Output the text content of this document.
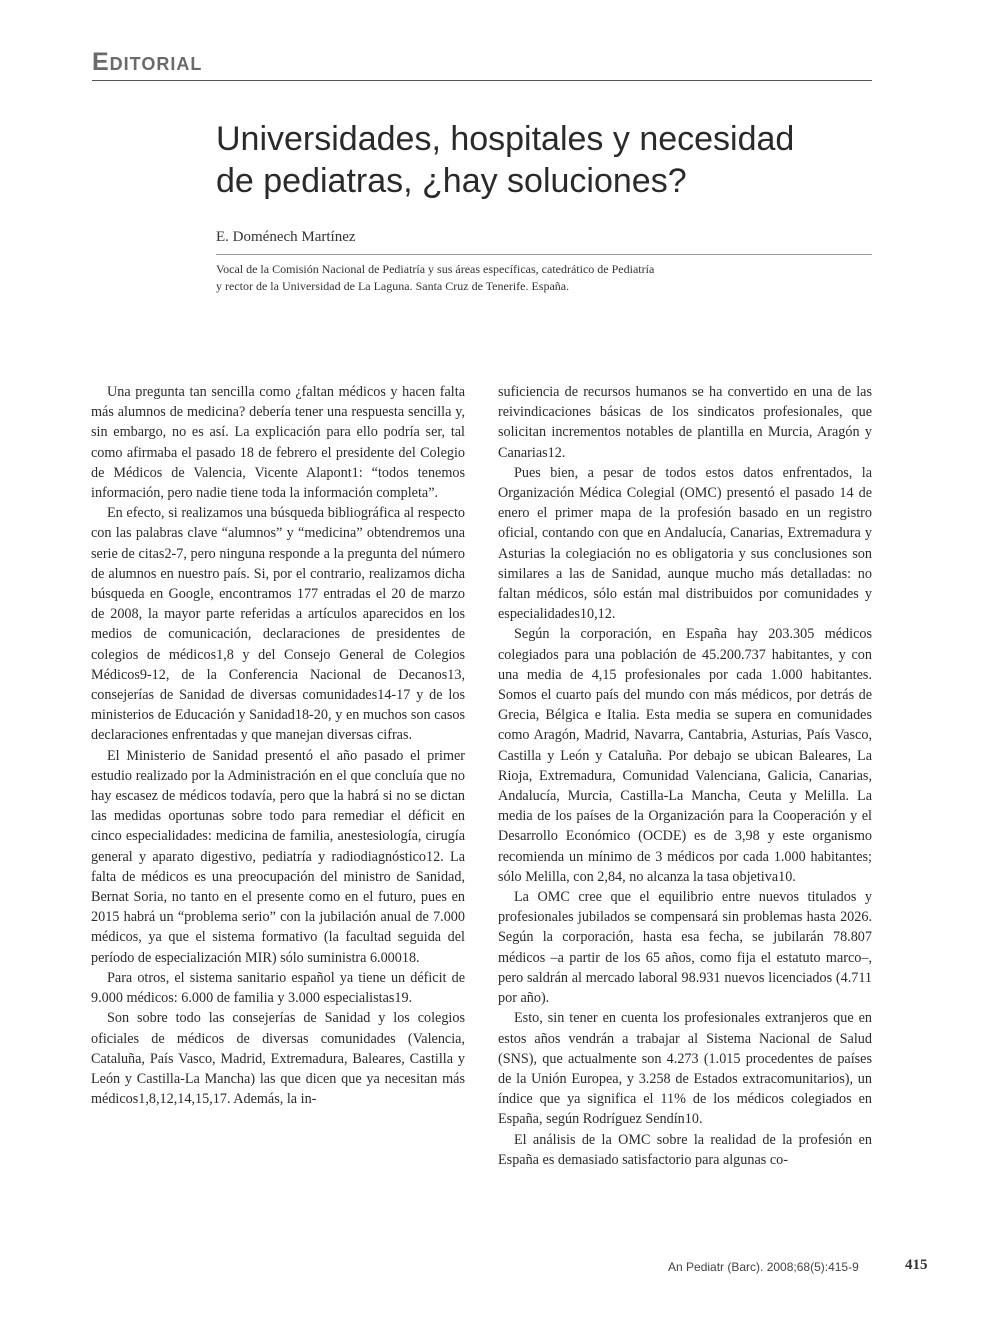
Editorial
Universidades, hospitales y necesidad
de pediatras, ¿hay soluciones?
E. Doménech Martínez
Vocal de la Comisión Nacional de Pediatría y sus áreas específicas, catedrático de Pediatría
y rector de la Universidad de La Laguna. Santa Cruz de Tenerife. España.

Una pregunta tan sencilla como ¿faltan médicos y hacen falta más alumnos de medicina? debería tener una respuesta sencilla y, sin embargo, no es así. La explicación para ello podría ser, tal como afirmaba el pasado 18 de febrero el presidente del Colegio de Médicos de Valencia, Vicente Alapont1: “todos tenemos información, pero nadie tiene toda la información completa”.

En efecto, si realizamos una búsqueda bibliográfica al respecto con las palabras clave “alumnos” y “medicina” obtendremos una serie de citas2-7, pero ninguna responde a la pregunta del número de alumnos en nuestro país. Si, por el contrario, realizamos dicha búsqueda en Google, encontramos 177 entradas el 20 de marzo de 2008, la mayor parte referidas a artículos aparecidos en los medios de comunicación, declaraciones de presidentes de colegios de médicos1,8 y del Consejo General de Colegios Médicos9-12, de la Conferencia Nacional de Decanos13, consejerías de Sanidad de diversas comunidades14-17 y de los ministerios de Educación y Sanidad18-20, y en muchos son casos declaraciones enfrentadas y que manejan diversas cifras.

El Ministerio de Sanidad presentó el año pasado el primer estudio realizado por la Administración en el que concluía que no hay escasez de médicos todavía, pero que la habrá si no se dictan las medidas oportunas sobre todo para remediar el déficit en cinco especialidades: medicina de familia, anestesiología, cirugía general y aparato digestivo, pediatría y radiodiagnóstico12. La falta de médicos es una preocupación del ministro de Sanidad, Bernat Soria, no tanto en el presente como en el futuro, pues en 2015 habrá un “problema serio” con la jubilación anual de 7.000 médicos, ya que el sistema formativo (la facultad seguida del período de especialización MIR) sólo suministra 6.00018.

Para otros, el sistema sanitario español ya tiene un déficit de 9.000 médicos: 6.000 de familia y 3.000 especialistas19.

Son sobre todo las consejerías de Sanidad y los colegios oficiales de médicos de diversas comunidades (Valencia, Cataluña, País Vasco, Madrid, Extremadura, Baleares, Castilla y León y Castilla-La Mancha) las que dicen que ya necesitan más médicos1,8,12,14,15,17. Además, la in-

suficiencia de recursos humanos se ha convertido en una de las reivindicaciones básicas de los sindicatos profesionales, que solicitan incrementos notables de plantilla en Murcia, Aragón y Canarias12.

Pues bien, a pesar de todos estos datos enfrentados, la Organización Médica Colegial (OMC) presentó el pasado 14 de enero el primer mapa de la profesión basado en un registro oficial, contando con que en Andalucía, Canarias, Extremadura y Asturias la colegiación no es obligatoria y sus conclusiones son similares a las de Sanidad, aunque mucho más detalladas: no faltan médicos, sólo están mal distribuidos por comunidades y especialidades10,12.

Según la corporación, en España hay 203.305 médicos colegiados para una población de 45.200.737 habitantes, y con una media de 4,15 profesionales por cada 1.000 habitantes. Somos el cuarto país del mundo con más médicos, por detrás de Grecia, Bélgica e Italia. Esta media se supera en comunidades como Aragón, Madrid, Navarra, Cantabria, Asturias, País Vasco, Castilla y León y Cataluña. Por debajo se ubican Baleares, La Rioja, Extremadura, Comunidad Valenciana, Galicia, Canarias, Andalucía, Murcia, Castilla-La Mancha, Ceuta y Melilla. La media de los países de la Organización para la Cooperación y el Desarrollo Económico (OCDE) es de 3,98 y este organismo recomienda un mínimo de 3 médicos por cada 1.000 habitantes; sólo Melilla, con 2,84, no alcanza la tasa objetiva10.

La OMC cree que el equilibrio entre nuevos titulados y profesionales jubilados se compensará sin problemas hasta 2026. Según la corporación, hasta esa fecha, se jubilarán 78.807 médicos –a partir de los 65 años, como fija el estatuto marco–, pero saldrán al mercado laboral 98.931 nuevos licenciados (4.711 por año).

Esto, sin tener en cuenta los profesionales extranjeros que en estos años vendrán a trabajar al Sistema Nacional de Salud (SNS), que actualmente son 4.273 (1.015 procedentes de países de la Unión Europea, y 3.258 de Estados extracomunitarios), un índice que ya significa el 11% de los médicos colegiados en España, según Rodríguez Sendín10.

El análisis de la OMC sobre la realidad de la profesión en España es demasiado satisfactorio para algunas co-

An Pediatr (Barc). 2008;68(5):415-9	415
